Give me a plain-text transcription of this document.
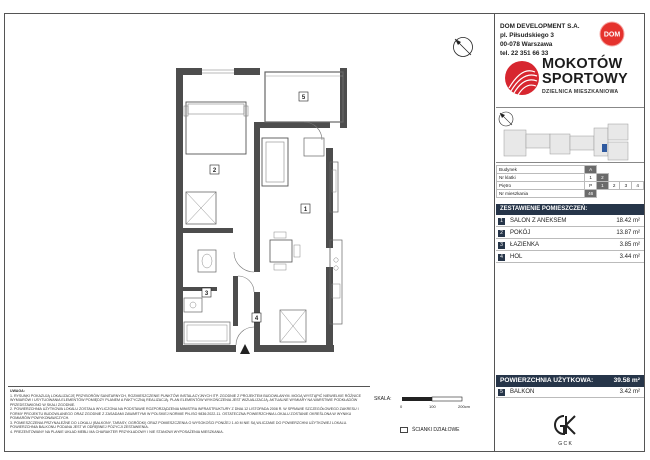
1
2
3
4
5
DOM DEVELOPMENT S.A.
pl. Piłsudskiego 3
00-078 Warszawa
tel. 22 351 66 33
DOM
MOKOTÓW
SPORTOWY
DZIELNICA MIESZKANIOWA
Budynek	A				
Nr klatki	1	2			
Piętro	P	1	2	3	4
Nr mieszkania	46				
ZESTAWIENIE POMIESZCZEŃ:
1	SALON Z ANEKSEM	18.42 m²
2	POKÓJ	13.87 m²
3	ŁAZIENKA	3.85 m²
4	HOL	3.44 m²
POWIERZCHNIA UŻYTKOWA:	39.58 m²
5	BALKON	3.42 m²
G C K

UWAGA:

1. RYSUNKI POKAZUJĄ LOKALIZACJĘ PRZYBORÓW SANITARNYCH, ROZMIESZCZENIE PUNKTÓW INSTALACYJNYCH ITP. ZGODNIE Z PROJEKTEM BUDOWLANYM. MOGĄ WYSTĄPIĆ NIEWIELKIE RÓŻNICE WYMIARÓW I USYTUOWANIA ELEMENTÓW POMIĘDZY PLANEM A FAKTYCZNĄ REALIZACJĄ. PLAN ELEMENTÓW WYKOŃCZENIA JEST WIZUALIZACJĄ. AKTUALNE WYMIARY NA WARSTWIE PODKŁADÓW PRZEDSTAWIONO W SKALI ZGODNIE.

2. POWIERZCHNIA UŻYTKOWA LOKALU ZOSTAŁA WYLICZONA NA PODSTAWIE ROZPORZĄDZENIA MINISTRA INFRASTRUKTURY Z DNIA 12 LISTOPADA 2008 R. W SPRAWIE SZCZEGÓŁOWEGO ZAKRESU I FORMY PROJEKTU BUDOWLANEGO ORAZ ZGODNIE Z ZASADAMI ZAWARTYMI W POLSKIEJ NORMIE PN-ISO 9836:2022-11. OSTATECZNA POWIERZCHNIA LOKALU ZOSTANIE OKREŚLONA W WYNIKU POMIARÓW POWYKONAWCZYCH.

3. POMIESZCZENIA PRZYNALEŻNE DO LOKALU (BALKONY, TARASY, OGRÓDKI) ORAZ POMIESZCZENIA O WYSOKOŚCI PONIŻEJ 1.40 M NIE SĄ WLICZANE DO POWIERZCHNI UŻYTKOWEJ LOKALU. POWIERZCHNIA BALKONU PODANA JEST W ODRĘBNEJ POZYCJI ZESTAWIENIA.

4. PREZENTOWANY NA PLANIE UKŁAD MEBLI MA CHARAKTER PRZYKŁADOWY I NIE STANOWI WYPOSAŻENIA MIESZKANIA.

SKALA:
0	100	200cm
ŚCIANKI DZIAŁOWE
